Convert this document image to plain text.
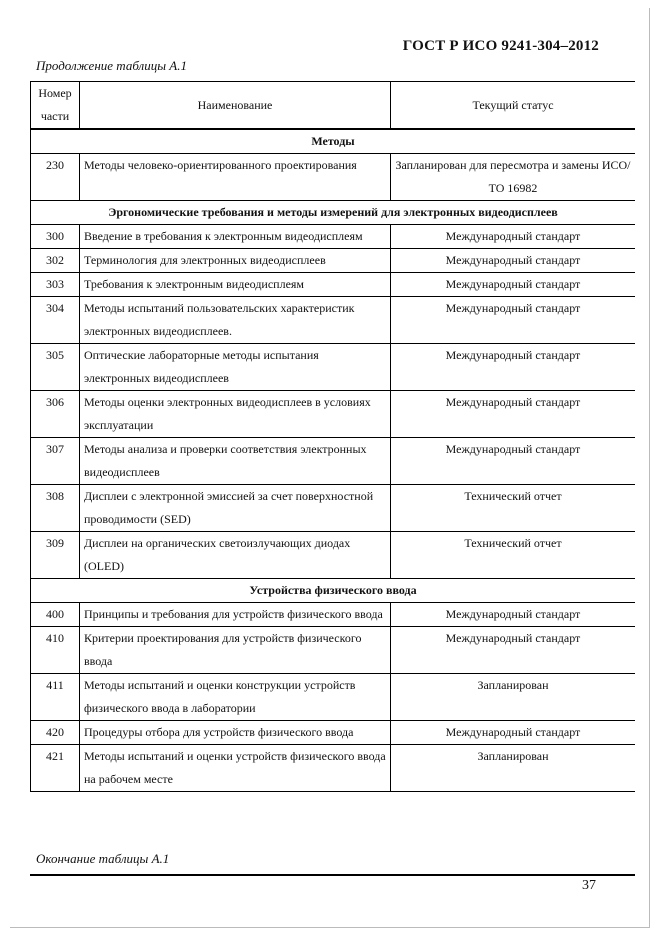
ГОСТ Р ИСО 9241-304–2012
Продолжение таблицы А.1
Номер части	Наименование	Текущий статус
Методы		
230	Методы человеко-ориентированного проектирования	Запланирован для пересмотра и замены ИСО/ТО 16982
Эргономические требования и методы измерений для электронных видеодисплеев		
300	Введение в требования к электронным видеодисплеям	Международный стандарт
302	Терминология для электронных видеодисплеев	Международный стандарт
303	Требования к электронным видеодисплеям	Международный стандарт
304	Методы испытаний пользовательских характеристик электронных видеодисплеев.	Международный стандарт
305	Оптические лабораторные методы испытания электронных видеодисплеев	Международный стандарт
306	Методы оценки электронных видеодисплеев в условиях эксплуатации	Международный стандарт
307	Методы анализа и проверки соответствия электронных видеодисплеев	Международный стандарт
308	Дисплеи с электронной эмиссией за счет поверхностной проводимости (SED)	Технический отчет
309	Дисплеи на органических светоизлучающих диодах (OLED)	Технический отчет
Устройства физического ввода		
400	Принципы и требования для устройств физического ввода	Международный стандарт
410	Критерии проектирования для устройств физического ввода	Международный стандарт
411	Методы испытаний и оценки конструкции устройств физического ввода в лаборатории	Запланирован
420	Процедуры отбора для устройств физического ввода	Международный стандарт
421	Методы испытаний и оценки устройств физического ввода на рабочем месте	Запланирован
Окончание таблицы А.1
37
